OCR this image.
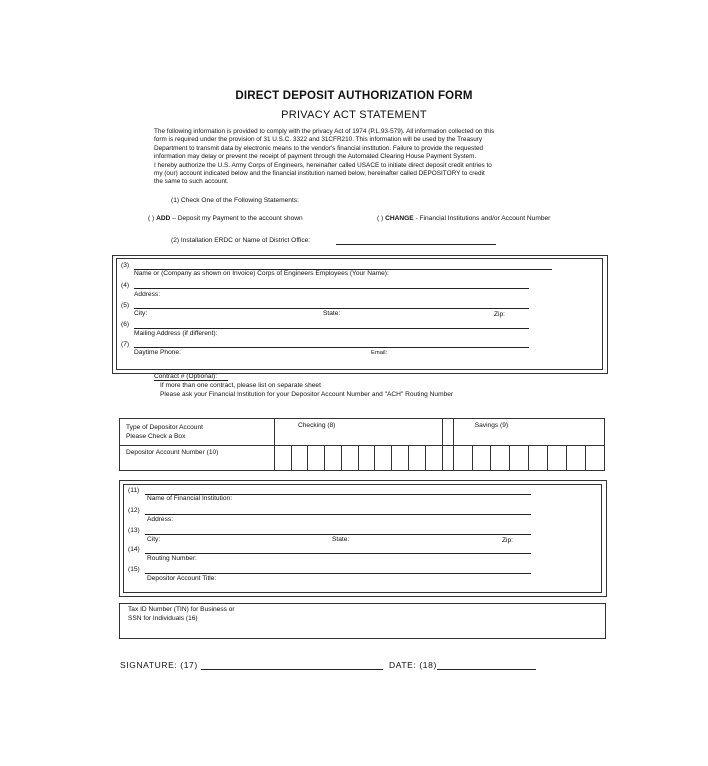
DIRECT DEPOSIT AUTHORIZATION FORM
PRIVACY ACT STATEMENT
The following information is provided to comply with the privacy Act of 1974 (P.L.93-579). All information collected on this
form is required under the provision of 31 U.S.C. 3322 and 31CFR210. This information will be used by the Treasury
Department to transmit data by electronic means to the vendor's financial institution. Failure to provide the requested
information may delay or prevent the receipt of payment through the Automated Clearing House Payment System.
I hereby authorize the U.S. Army Corps of Engineers, hereinafter called USACE to initiate direct deposit credit entries to
my (our) account indicated below and the financial institution named below, hereinafter called DEPOSITORY to credit
the same to such account.
(1) Check One of the Following Statements:
( ) ADD – Deposit my Payment to the account shown	( ) CHANGE - Financial Institutions and/or Account Number
(2) Installation ERDC or Name of District Office:
(3)
Name or (Company as shown on Invoice) Corps of Engineers Employees (Your Name):
(4)
Address:
(5)
City:	State:	Zip:
(6)
Mailing Address (if different):
(7)
Daytime Phone:	Email:
Contract # (Optional):
If more than one contract, please list on separate sheet
Please ask your Financial Institution for your Depositor Account Number and "ACH" Routing Number
Type of Depositor Account
Please Check a Box	Checking (8)											Savings (9)							
Depositor Account Number (10)																			
(11)
Name of Financial Institution:
(12)
Address:
(13)
City:	State:	Zip:
(14)
Routing Number:
(15)
Depositor Account Title:
Tax ID Number (TIN) for Business or
SSN for Individuals (16)
SIGNATURE: (17)	DATE: (18)
